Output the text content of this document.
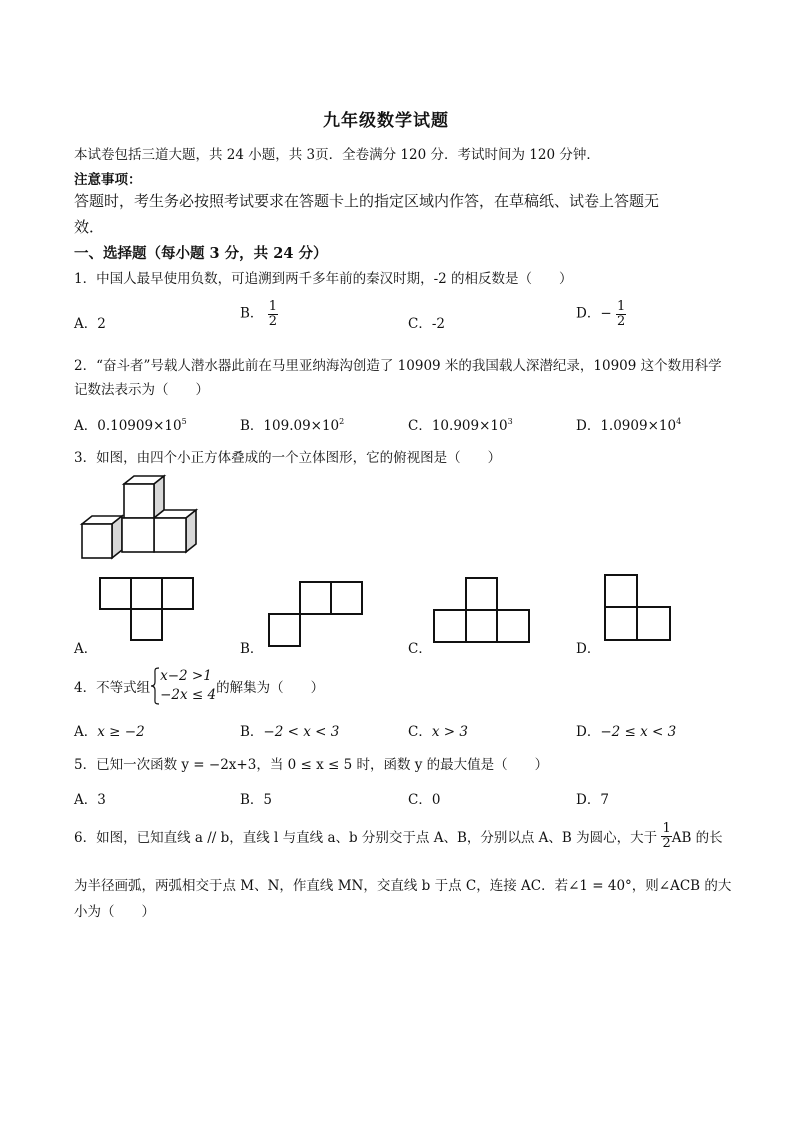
九年级数学试题
本试卷包括三道大题，共 24 小题，共 3页．全卷满分 120 分．考试时间为 120 分钟．
注意事项：
答题时，考生务必按照考试要求在答题卡上的指定区域内作答，在草稿纸、试卷上答题无
效．
一、选择题（每小题 3 分，共 24 分）
1．中国人最早使用负数，可追溯到两千多年前的秦汉时期，-2 的相反数是（　　）
A．2
B． $\frac{1}{2}$	C．-2
D．− $\frac{1}{2}$
2．“奋斗者”号载人潜水器此前在马里亚纳海沟创造了 10909 米的我国载人深潜纪录，10909 这个数用科学
记数法表示为（　　）
A．$0.10909\times 10^5$	B．$109.09\times 10^2$	C．$10.909\times 10^3$	D．$1.0909\times 10^4$
3．如图，由四个小正方体叠成的一个立体图形，它的俯视图是（　　）
A．	B．	C．	D．
4．不等式组
x−2 >1
−2x ≤ 4 的解集为（　　）
A．x ≥ −2	B．−2 < x < 3	C．x > 3	D．−2 ≤ x < 3
5．已知一次函数 y = −2x+3，当 0 ≤ x ≤ 5 时，函数 y 的最大值是（　　）
A．3	B．5	C．0	D．7
6．如图，已知直线 a // b，直线 l 与直线 a、b 分别交于点 A、B，分别以点 A、B 为圆心，大于 $\frac{1}{2}$ AB 的长
为半径画弧，两弧相交于点 M、N，作直线 MN，交直线 b 于点 C，连接 AC．若∠1 = 40°，则∠ACB 的大
小为（　　）
